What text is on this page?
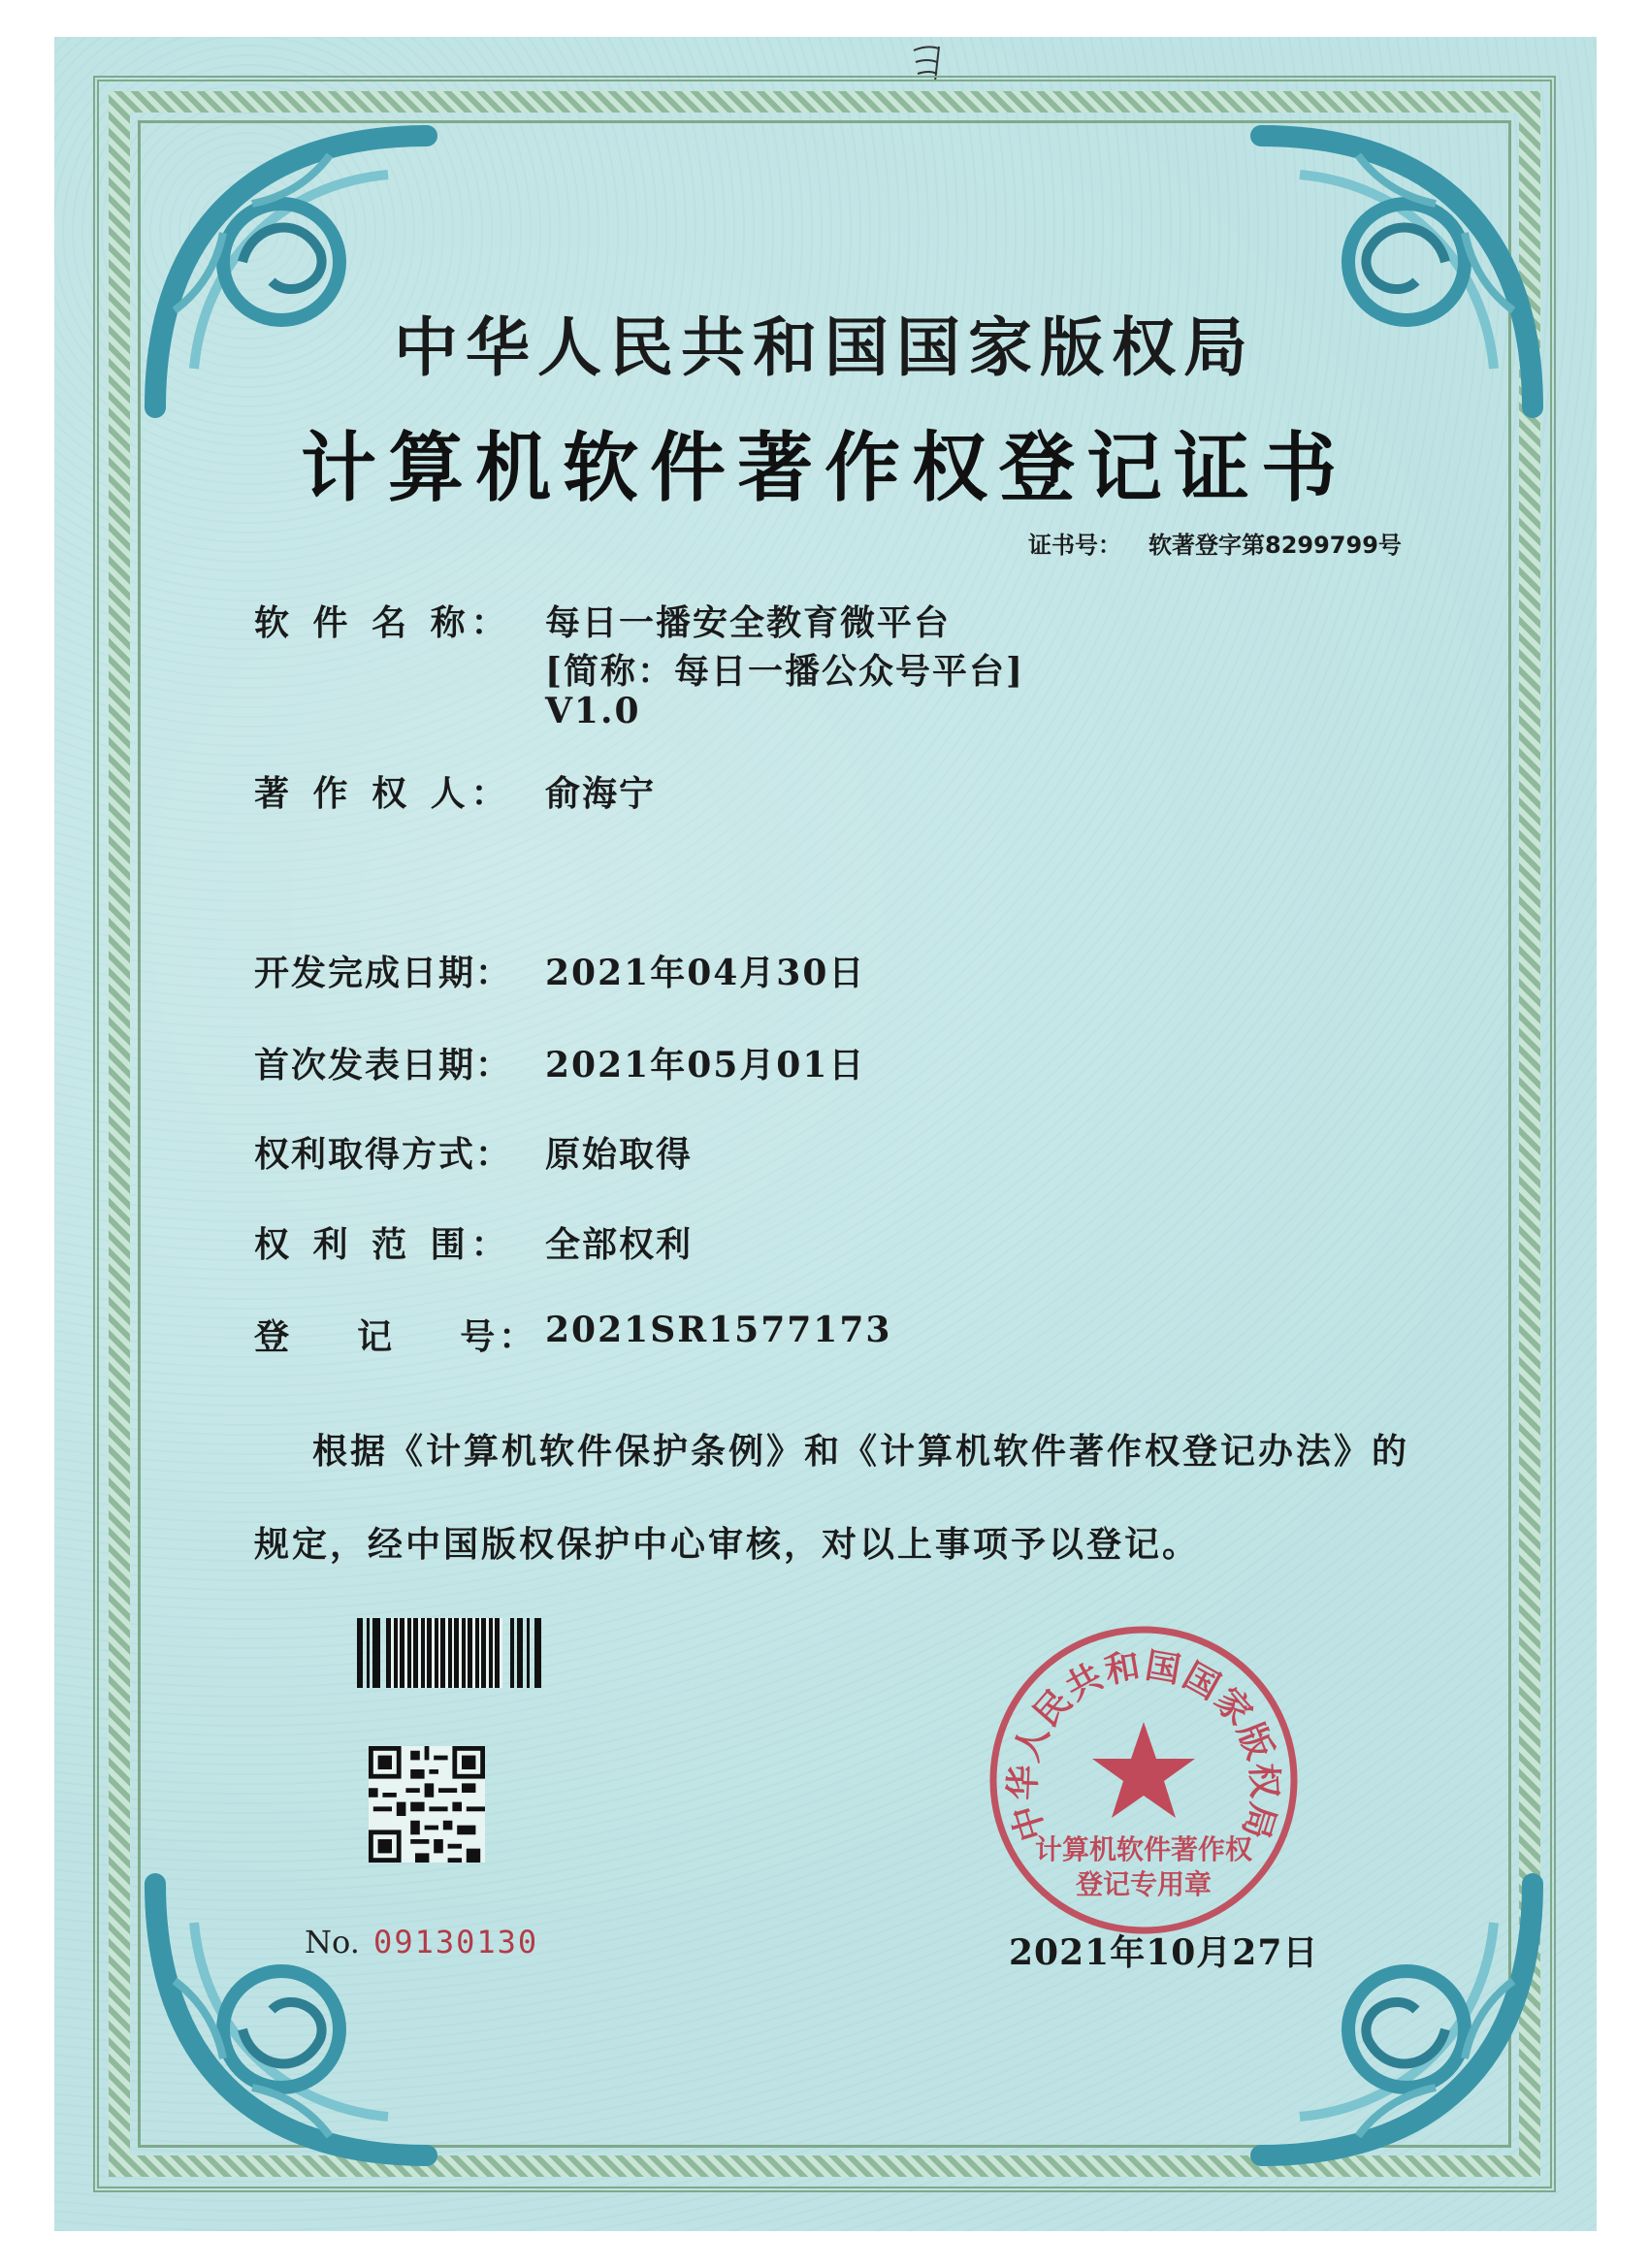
中华人民共和国国家版权局
计算机软件著作权登记证书
证书号： 软著登字第8299799号
软 件 名 称： 每日一播安全教育微平台
[简称：每日一播公众号平台]
V1.0
著 作 权 人： 俞海宁
开发完成日期： 2021年04月30日
首次发表日期： 2021年05月01日
权利取得方式： 原始取得
权 利 范 围： 全部权利
登    记    号： 2021SR1577173
根据《计算机软件保护条例》和《计算机软件著作权登记办法》的
规定，经中国版权保护中心审核，对以上事项予以登记。
No. 09130130
中华人民共和国国家版权局
计算机软件著作权
登记专用章
2021年10月27日
